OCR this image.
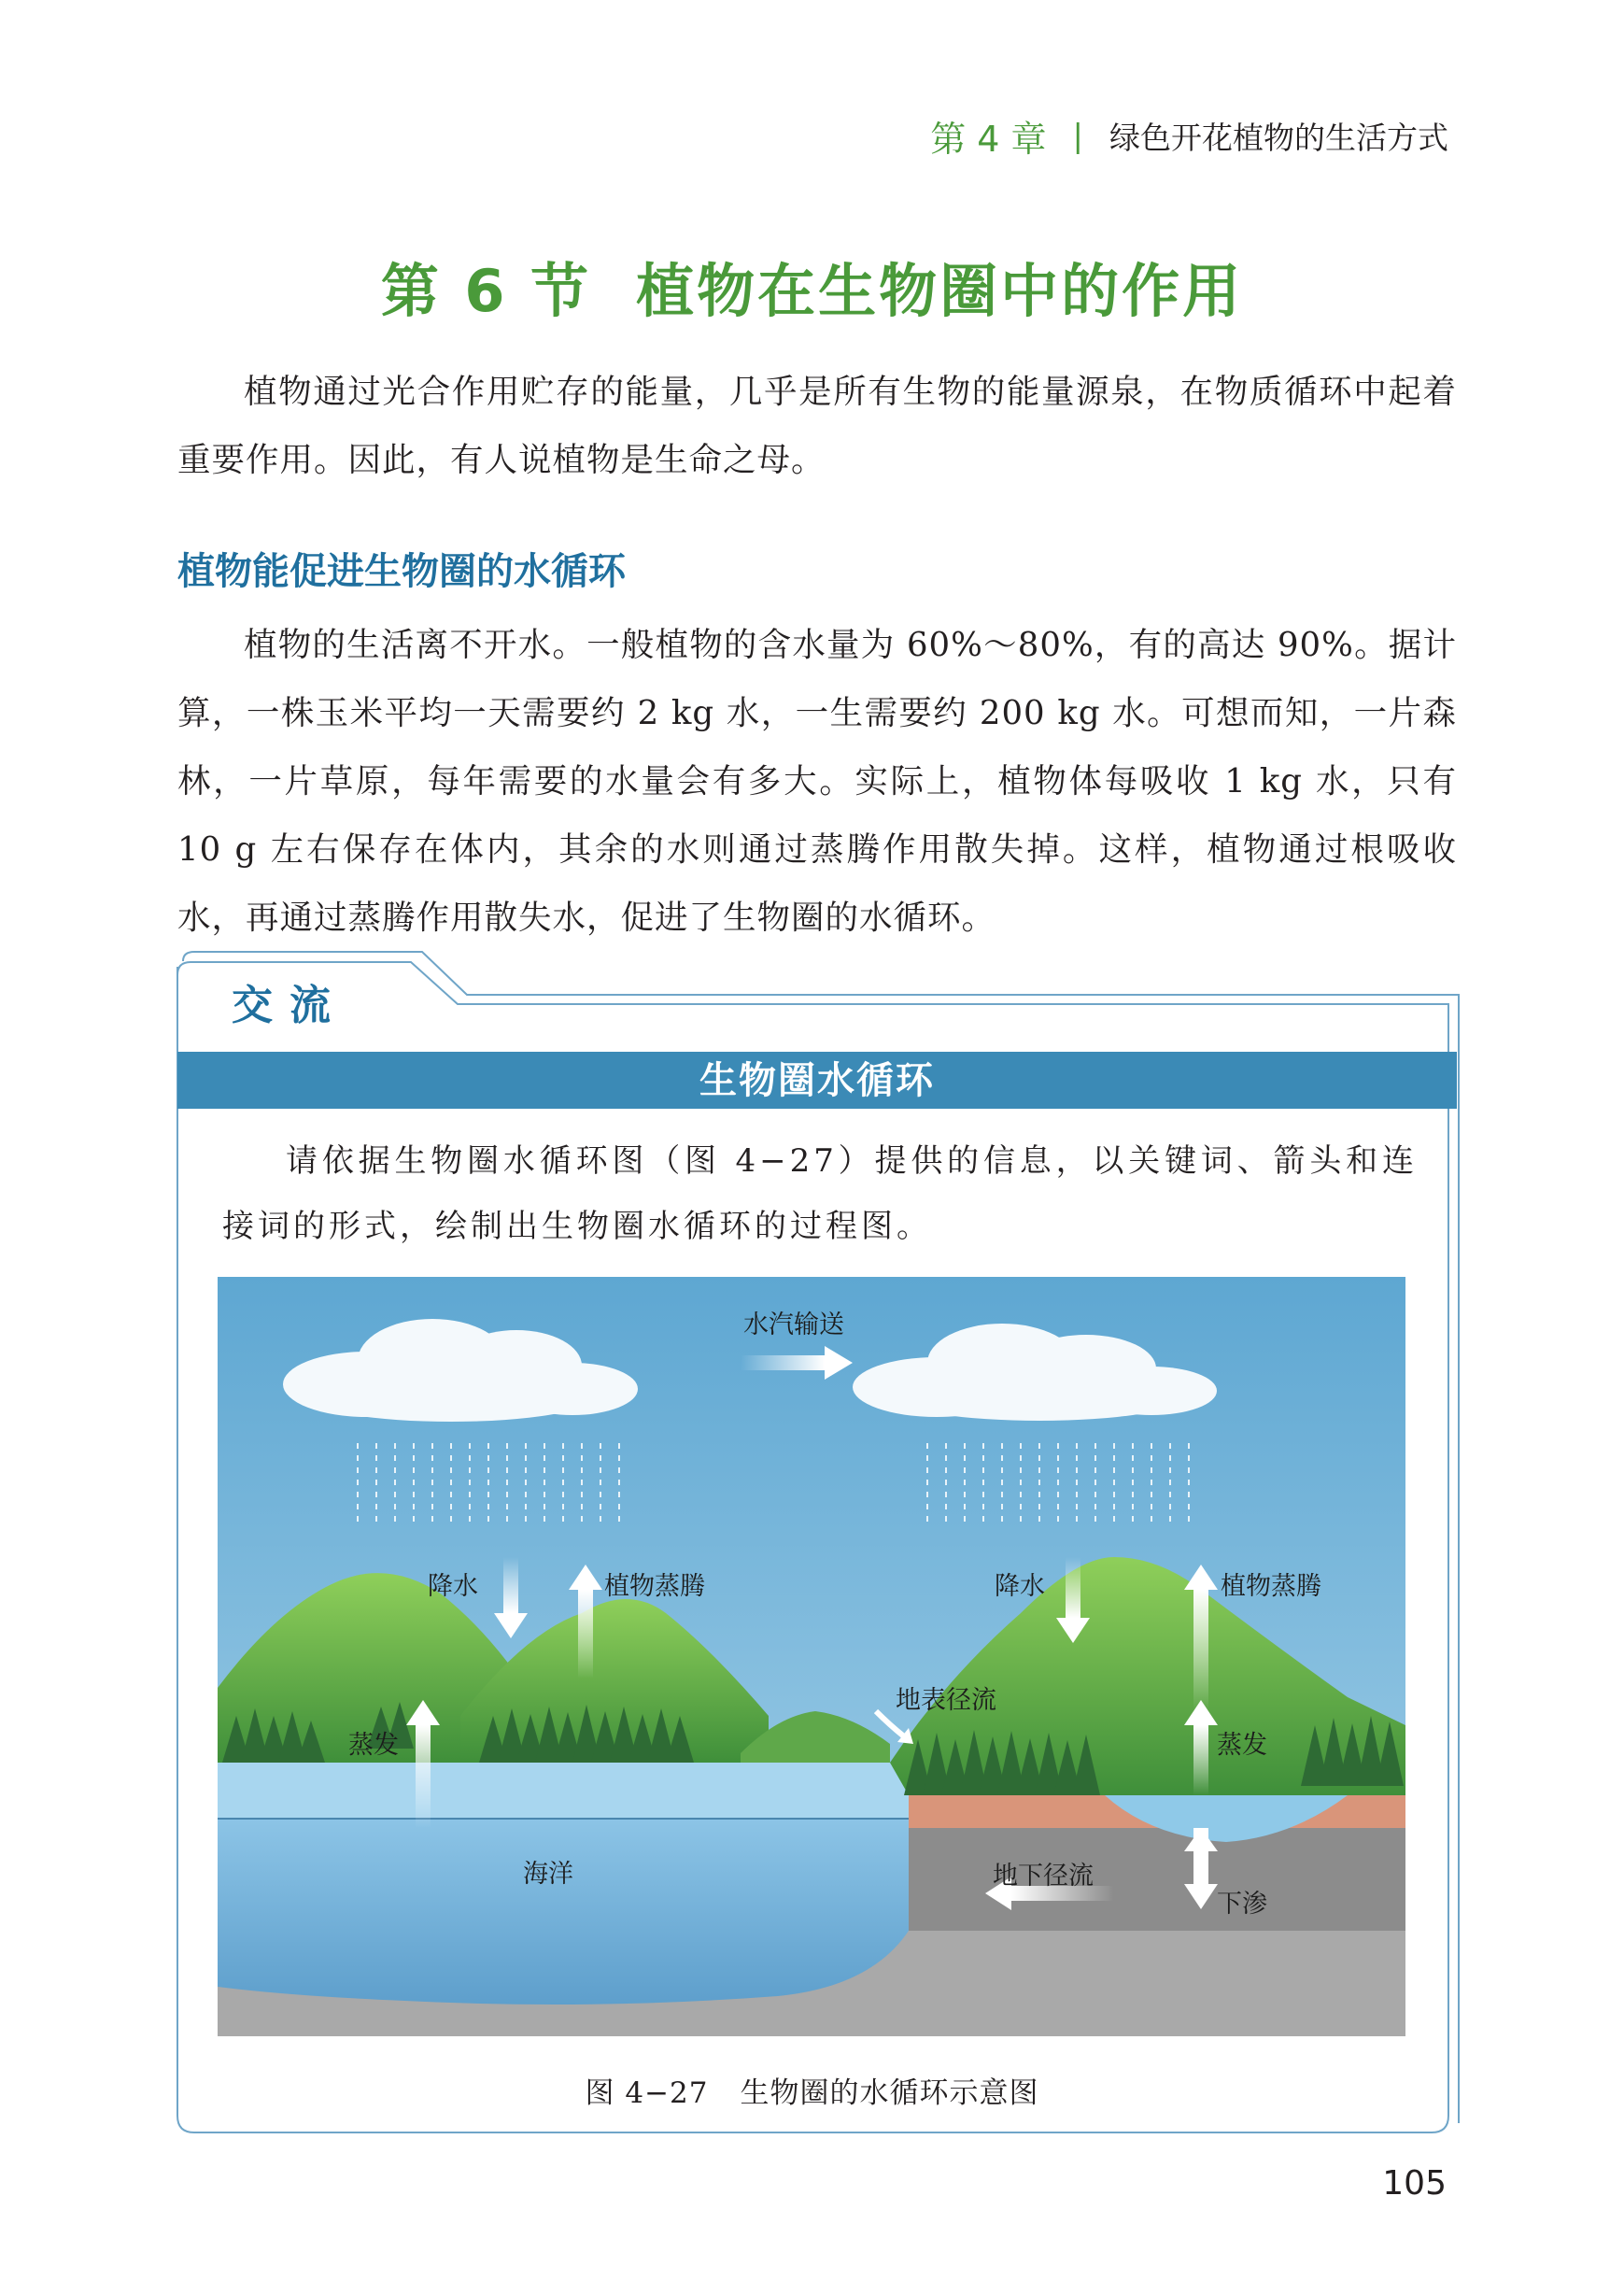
第 4 章 | 绿色开花植物的生活方式
第 6 节 植物在生物圈中的作用
植物通过光合作用贮存的能量，几乎是所有生物的能量源泉，在物质循环中起着重要作用。因此，有人说植物是生命之母。
植物能促进生物圈的水循环
植物的生活离不开水。一般植物的含水量为 60%～80%，有的高达 90%。据计算，一株玉米平均一天需要约 2 kg 水，一生需要约 200 kg 水。可想而知，一片森林，一片草原，每年需要的水量会有多大。实际上，植物体每吸收 1 kg 水，只有 10 g 左右保存在体内，其余的水则通过蒸腾作用散失掉。这样，植物通过根吸收水，再通过蒸腾作用散失水，促进了生物圈的水循环。
交流
生物圈水循环
请依据生物圈水循环图（图 4−27）提供的信息，以关键词、箭头和连接词的形式，绘制出生物圈水循环的过程图。
水汽输送
降水	植物蒸腾	降水	植物蒸腾
地表径流
蒸发	蒸发
海洋	地下径流
下渗
图 4−27 生物圈的水循环示意图
105
